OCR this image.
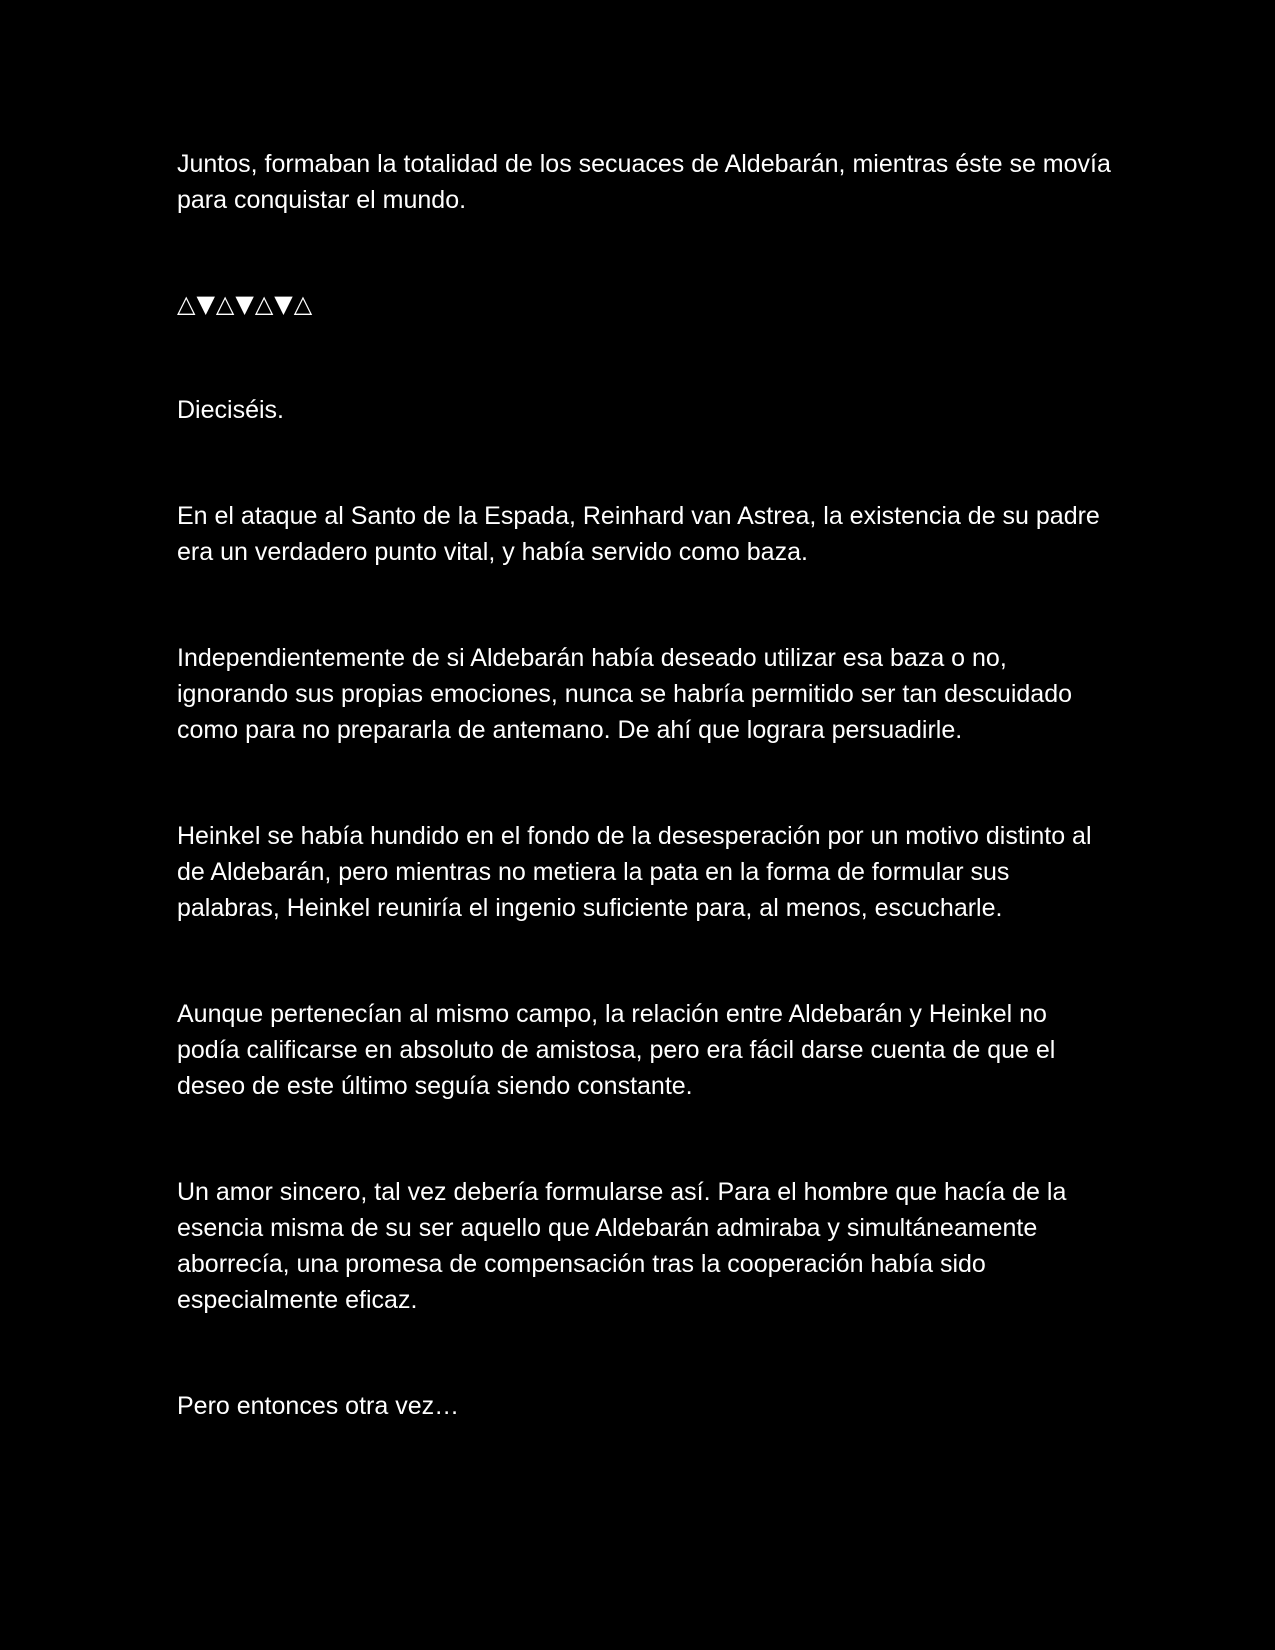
Juntos, formaban la totalidad de los secuaces de Aldebarán, mientras éste se movía para conquistar el mundo.

△▼△▼△▼△

Dieciséis.

En el ataque al Santo de la Espada, Reinhard van Astrea, la existencia de su padre era un verdadero punto vital, y había servido como baza.

Independientemente de si Aldebarán había deseado utilizar esa baza o no, ignorando sus propias emociones, nunca se habría permitido ser tan descuidado como para no prepararla de antemano. De ahí que lograra persuadirle.

Heinkel se había hundido en el fondo de la desesperación por un motivo distinto al de Aldebarán, pero mientras no metiera la pata en la forma de formular sus palabras, Heinkel reuniría el ingenio suficiente para, al menos, escucharle.

Aunque pertenecían al mismo campo, la relación entre Aldebarán y Heinkel no podía calificarse en absoluto de amistosa, pero era fácil darse cuenta de que el deseo de este último seguía siendo constante.

Un amor sincero, tal vez debería formularse así. Para el hombre que hacía de la esencia misma de su ser aquello que Aldebarán admiraba y simultáneamente aborrecía, una promesa de compensación tras la cooperación había sido especialmente eficaz.

Pero entonces otra vez…
